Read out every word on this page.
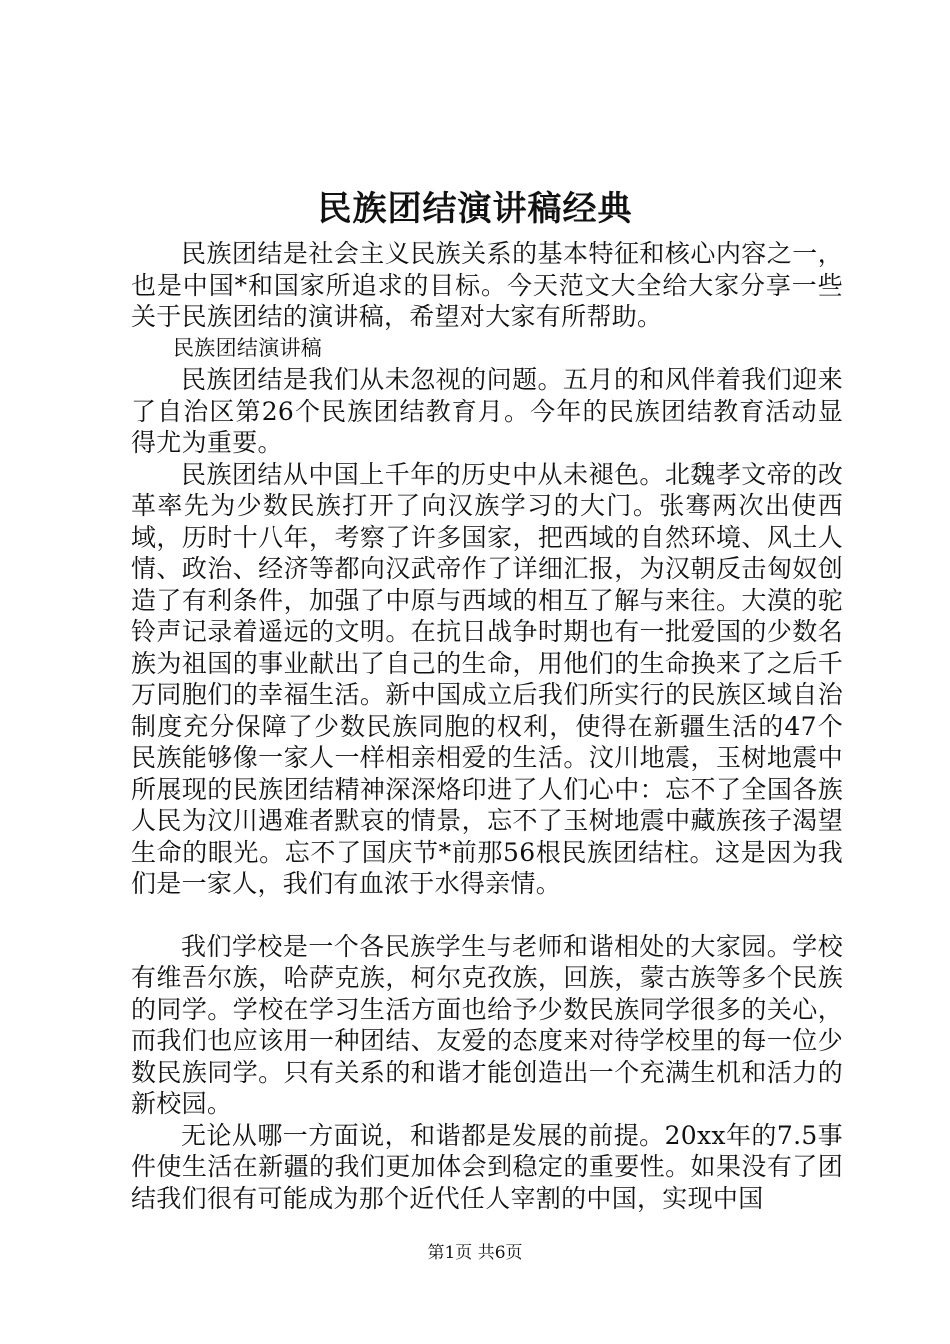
民族团结演讲稿经典

民族团结是社会主义民族关系的基本特征和核心内容之一，也是中国*和国家所追求的目标。今天范文大全给大家分享一些关于民族团结的演讲稿，希望对大家有所帮助。

民族团结演讲稿

民族团结是我们从未忽视的问题。五月的和风伴着我们迎来了自治区第26个民族团结教育月。今年的民族团结教育活动显得尤为重要。

民族团结从中国上千年的历史中从未褪色。北魏孝文帝的改革率先为少数民族打开了向汉族学习的大门。张骞两次出使西域，历时十八年，考察了许多国家，把西域的自然环境、风土人情、政治、经济等都向汉武帝作了详细汇报，为汉朝反击匈奴创造了有利条件，加强了中原与西域的相互了解与来往。大漠的驼铃声记录着遥远的文明。在抗日战争时期也有一批爱国的少数名族为祖国的事业献出了自己的生命，用他们的生命换来了之后千万同胞们的幸福生活。新中国成立后我们所实行的民族区域自治制度充分保障了少数民族同胞的权利，使得在新疆生活的47个民族能够像一家人一样相亲相爱的生活。汶川地震，玉树地震中所展现的民族团结精神深深烙印进了人们心中：忘不了全国各族人民为汶川遇难者默哀的情景，忘不了玉树地震中藏族孩子渴望生命的眼光。忘不了国庆节*前那56根民族团结柱。这是因为我们是一家人，我们有血浓于水得亲情。

我们学校是一个各民族学生与老师和谐相处的大家园。学校有维吾尔族，哈萨克族，柯尔克孜族，回族，蒙古族等多个民族的同学。学校在学习生活方面也给予少数民族同学很多的关心，而我们也应该用一种团结、友爱的态度来对待学校里的每一位少数民族同学。只有关系的和谐才能创造出一个充满生机和活力的新校园。

无论从哪一方面说，和谐都是发展的前提。20xx年的7.5事件使生活在新疆的我们更加体会到稳定的重要性。如果没有了团结我们很有可能成为那个近代任人宰割的中国，实现中国

第1页 共6页
